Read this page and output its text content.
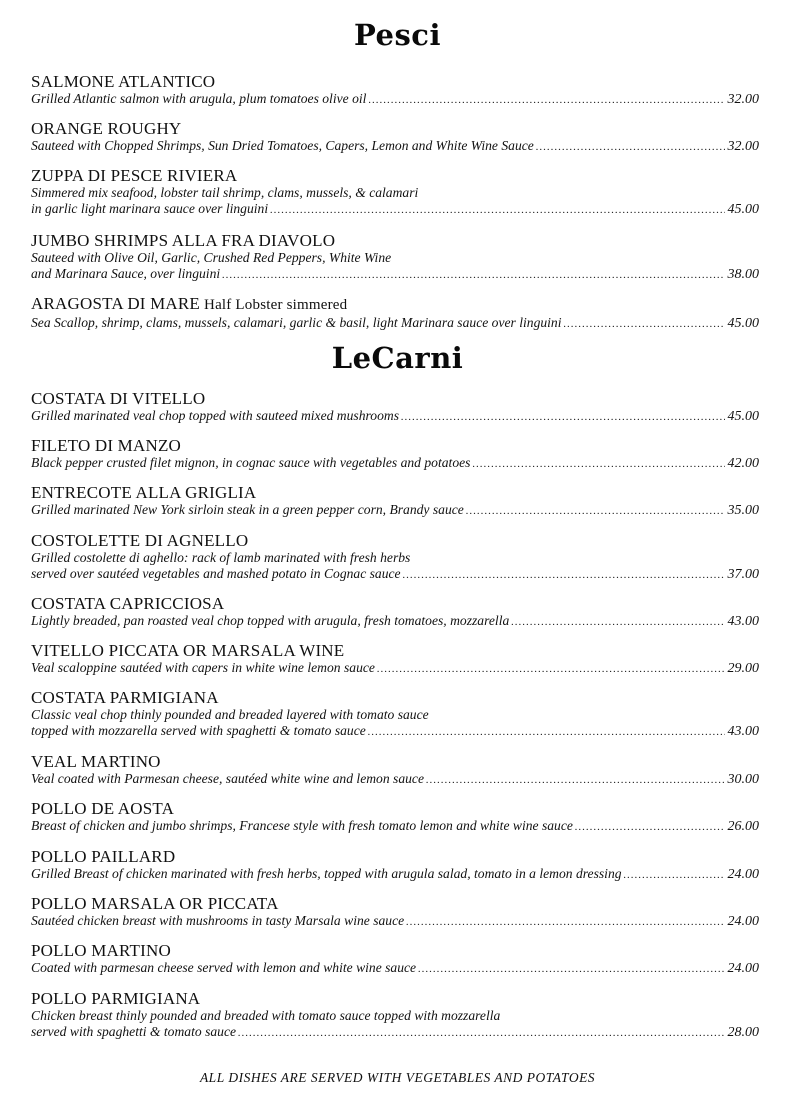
Pesci
SALMONE ATLANTICO
Grilled Atlantic salmon with arugula, plum tomatoes olive oil .....	32.00
ORANGE ROUGHY
Sauteed with Chopped Shrimps, Sun Dried Tomatoes, Capers, Lemon and White Wine Sauce .....	32.00
ZUPPA DI PESCE RIVIERA
Simmered mix seafood, lobster tail shrimp, clams, mussels, & calamari
in garlic light marinara sauce over linguini .....	45.00
JUMBO SHRIMPS ALLA FRA DIAVOLO
Sauteed with Olive Oil, Garlic, Crushed Red Peppers, White Wine
and Marinara Sauce, over linguini .....	38.00
ARAGOSTA DI MARE Half Lobster simmered
Sea Scallop, shrimp, clams, mussels, calamari, garlic & basil, light Marinara sauce over linguini .....	45.00
LeCarni
COSTATA DI VITELLO
Grilled marinated veal chop topped with sauteed mixed mushrooms .....	45.00
FILETO DI MANZO
Black pepper crusted filet mignon, in cognac sauce with vegetables and potatoes .....	42.00
ENTRECOTE ALLA GRIGLIA
Grilled marinated New York sirloin steak in a green pepper corn, Brandy sauce .....	35.00
COSTOLETTE DI AGNELLO
Grilled costolette di aghello: rack of lamb marinated with fresh herbs
served over sautéed vegetables and mashed potato in Cognac sauce .....	37.00
COSTATA CAPRICCIOSA
Lightly breaded, pan roasted veal chop topped with arugula, fresh tomatoes, mozzarella .....	43.00
VITELLO PICCATA OR MARSALA WINE
Veal scaloppine sautéed with capers in white wine lemon sauce .....	29.00
COSTATA PARMIGIANA
Classic veal chop thinly pounded and breaded layered with tomato sauce
topped with mozzarella served with spaghetti & tomato sauce .....	43.00
VEAL MARTINO
Veal coated with Parmesan cheese, sautéed white wine and lemon sauce .....	30.00
POLLO DE AOSTA
Breast of chicken and jumbo shrimps, Francese style with fresh tomato lemon and white wine sauce .....	26.00
POLLO PAILLARD
Grilled Breast of chicken marinated with fresh herbs, topped with arugula salad, tomato in a lemon dressing .....	24.00
POLLO MARSALA OR PICCATA
Sautéed chicken breast with mushrooms in tasty Marsala wine sauce .....	24.00
POLLO MARTINO
Coated with parmesan cheese served with lemon and white wine sauce .....	24.00
POLLO PARMIGIANA
Chicken breast thinly pounded and breaded with tomato sauce topped with mozzarella
served with spaghetti & tomato sauce .....	28.00
ALL DISHES ARE SERVED WITH VEGETABLES AND POTATOES
